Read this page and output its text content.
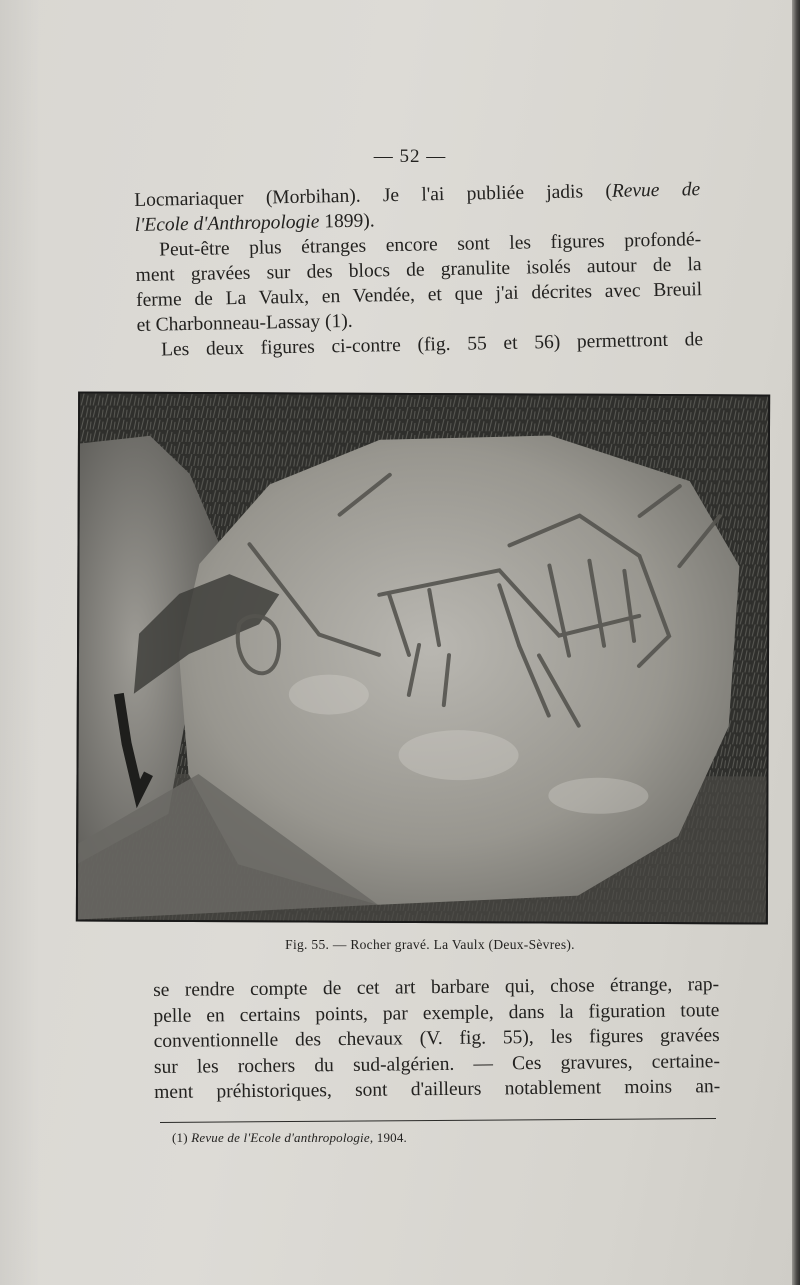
— 52 —
Locmariaquer (Morbihan). Je l'ai publiée jadis (Revue de
l'Ecole d'Anthropologie 1899).
Peut-être plus étranges encore sont les figures profondé-
ment gravées sur des blocs de granulite isolés autour de la
ferme de La Vaulx, en Vendée, et que j'ai décrites avec Breuil
et Charbonneau-Lassay (1).
Les deux figures ci-contre (fig. 55 et 56) permettront de
Fig. 55. — Rocher gravé. La Vaulx (Deux-Sèvres).
se rendre compte de cet art barbare qui, chose étrange, rap-
pelle en certains points, par exemple, dans la figuration toute
conventionnelle des chevaux (V. fig. 55), les figures gravées
sur les rochers du sud-algérien. — Ces gravures, certaine-
ment préhistoriques, sont d'ailleurs notablement moins an-
(1) Revue de l'Ecole d'anthropologie, 1904.
